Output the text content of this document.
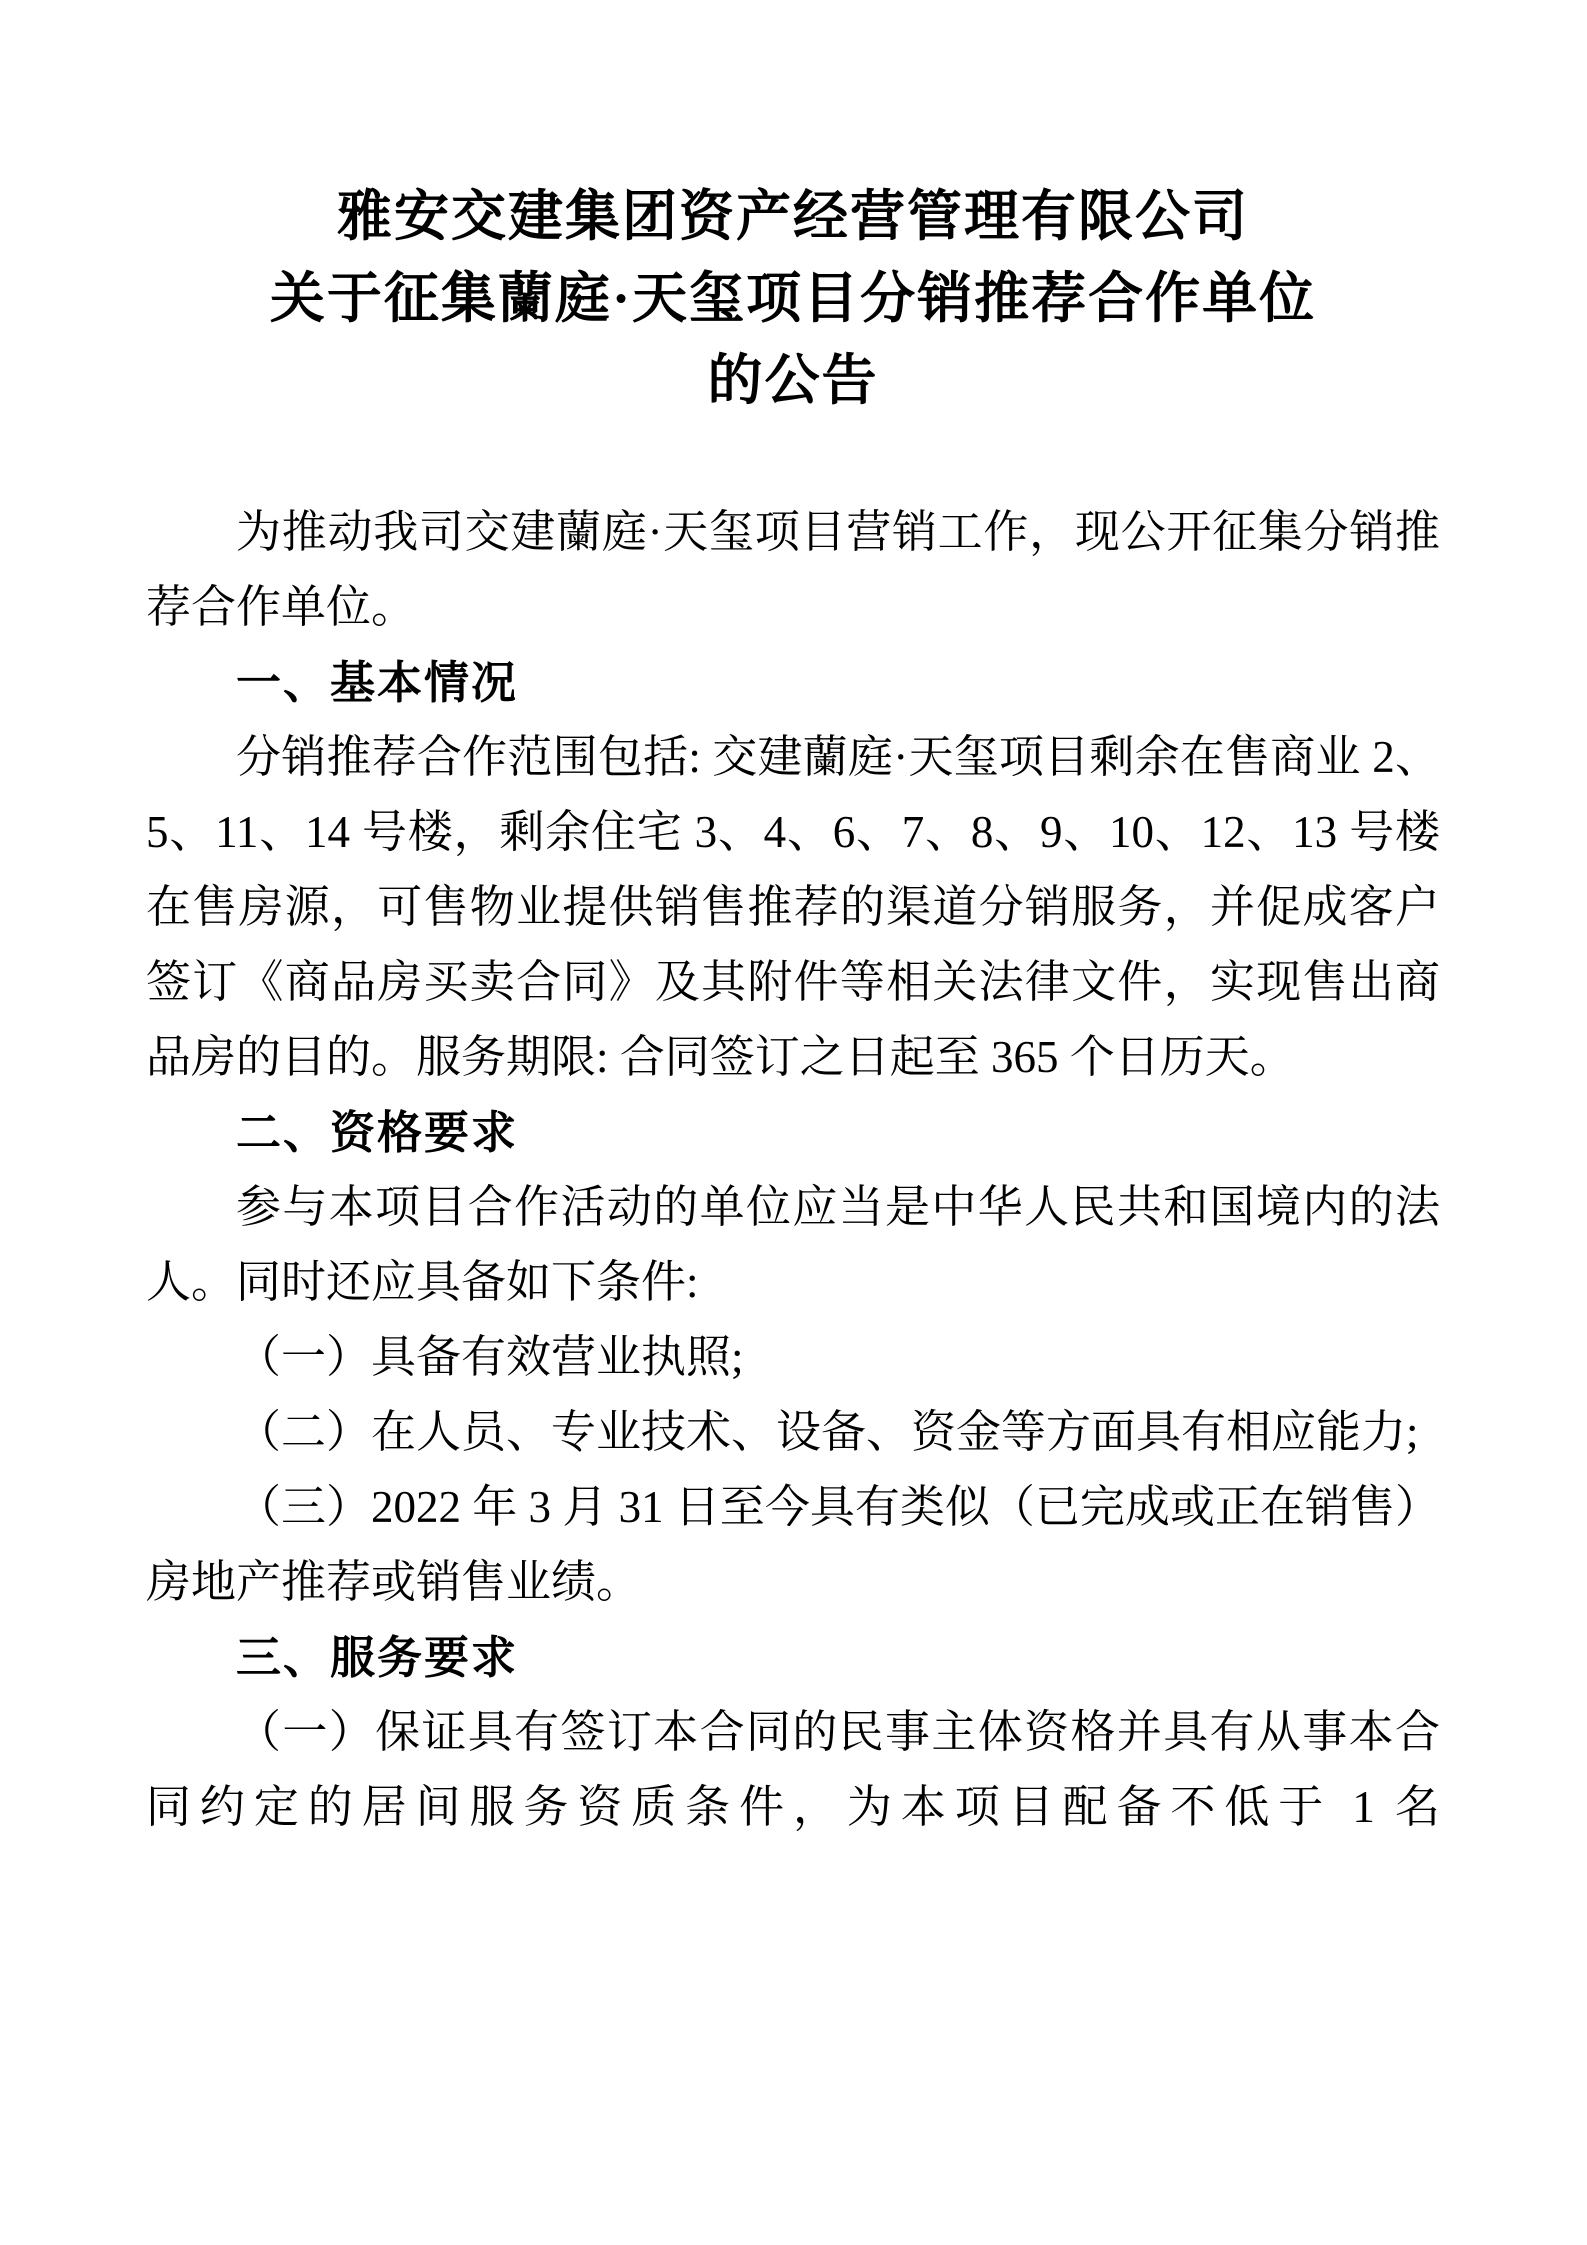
雅安交建集团资产经营管理有限公司
关于征集蘭庭·天玺项目分销推荐合作单位
的公告

为推动我司交建蘭庭·天玺项目营销工作，现公开征集分销推荐合作单位。

一、基本情况

分销推荐合作范围包括: 交建蘭庭·天玺项目剩余在售商业 2、5、11、14 号楼，剩余住宅 3、4、6、7、8、9、10、12、13 号楼在售房源，可售物业提供销售推荐的渠道分销服务，并促成客户签订《商品房买卖合同》及其附件等相关法律文件，实现售出商品房的目的。服务期限: 合同签订之日起至 365 个日历天。

二、资格要求

参与本项目合作活动的单位应当是中华人民共和国境内的法人。同时还应具备如下条件:

（一）具备有效营业执照;

（二）在人员、专业技术、设备、资金等方面具有相应能力;

（三）2022 年 3 月 31 日至今具有类似（已完成或正在销售）房地产推荐或销售业绩。

三、服务要求

（一）保证具有签订本合同的民事主体资格并具有从事本合同约定的居间服务资质条件，为本项目配备不低于 1 名
